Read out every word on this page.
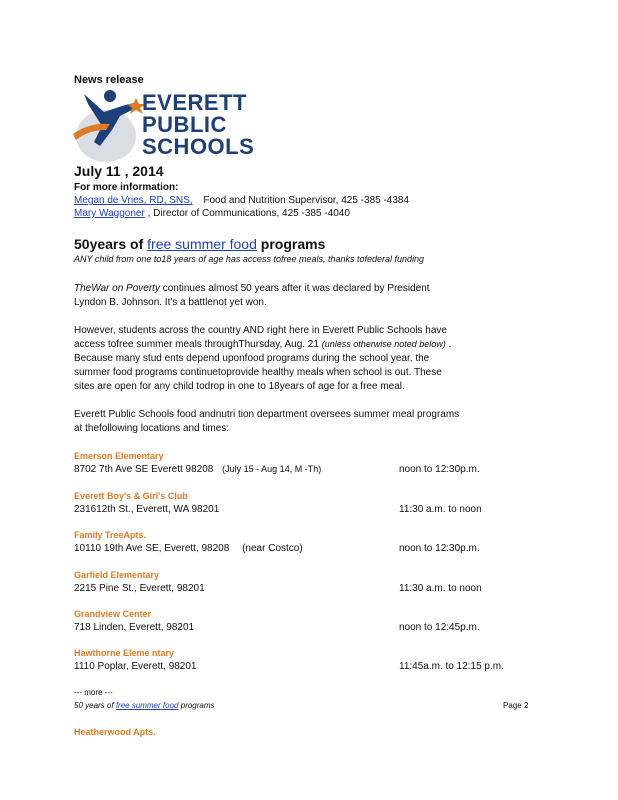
News release
EVERETT
PUBLIC
SCHOOLS
July 11 , 2014
For more information:
Megan de Vries, RD, SNS, Food and Nutrition Supervisor, 425 -385 -4384
Mary Waggoner , Director of Communications, 425 -385 -4040
50years of free summer food programs
ANY child from one to18 years of age has access tofree meals, thanks tofederal funding
TheWar on Poverty continues almost 50 years after it was declared by President
Lyndon B. Johnson. It's a battlenot yet won.
However, students across the country AND right here in Everett Public Schools have
access tofree summer meals throughThursday, Aug. 21 (unless otherwise noted below) .
Because many stud ents depend uponfood programs during the school year, the
summer food programs continuetoprovide healthy meals when school is out. These
sites are open for any child todrop in one to 18years of age for a free meal.
Everett Public Schools food andnutri tion department oversees summer meal programs
at thefollowing locations and times:
Emerson Elementary
8702 7th Ave SE Everett 98208 (July 15 - Aug 14, M -Th)	noon to 12:30p.m.
Everett Boy's & Girl's Club
231612th St., Everett, WA 98201	11:30 a.m. to noon
Family TreeApts.
10110 19th Ave SE, Everett, 98208 (near Costco)	noon to 12:30p.m.
Garfield Elementary
2215 Pine St., Everett, 98201	11:30 a.m. to noon
Grandview Center
718 Linden, Everett, 98201	noon to 12:45p.m.
Hawthorne Eleme ntary
1110 Poplar, Everett, 98201	11:45a.m. to 12:15 p.m.
--- more ---
50 years of free summer food programs	Page 2
Heatherwood Apts.
